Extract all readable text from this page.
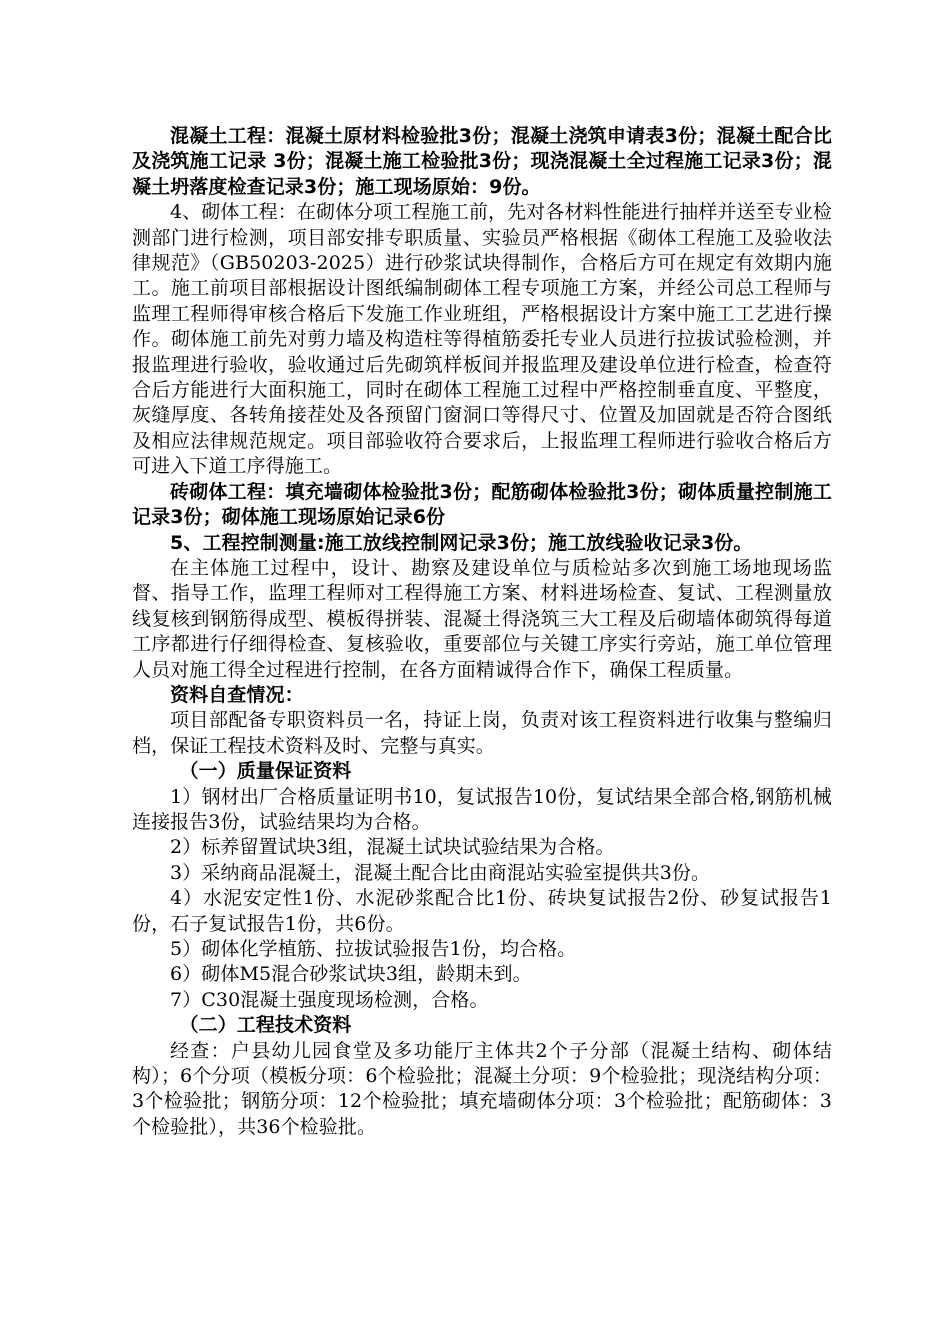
混凝土工程：混凝土原材料检验批3份；混凝土浇筑申请表3份；混凝土配合比及浇筑施工记录 3份；混凝土施工检验批3份；现浇混凝土全过程施工记录3份；混凝土坍落度检查记录3份；施工现场原始：9份。

4、砌体工程：在砌体分项工程施工前，先对各材料性能进行抽样并送至专业检测部门进行检测，项目部安排专职质量、实验员严格根据《砌体工程施工及验收法律规范》（GB50203-2025）进行砂浆试块得制作，合格后方可在规定有效期内施工。施工前项目部根据设计图纸编制砌体工程专项施工方案，并经公司总工程师与监理工程师得审核合格后下发施工作业班组，严格根据设计方案中施工工艺进行操作。砌体施工前先对剪力墙及构造柱等得植筋委托专业人员进行拉拔试验检测，并报监理进行验收，验收通过后先砌筑样板间并报监理及建设单位进行检查，检查符合后方能进行大面积施工，同时在砌体工程施工过程中严格控制垂直度、平整度，灰缝厚度、各转角接茬处及各预留门窗洞口等得尺寸、位置及加固就是否符合图纸及相应法律规范规定。项目部验收符合要求后，上报监理工程师进行验收合格后方可进入下道工序得施工。

砖砌体工程：填充墙砌体检验批3份；配筋砌体检验批3份；砌体质量控制施工记录3份；砌体施工现场原始记录6份

5、工程控制测量:施工放线控制网记录3份；施工放线验收记录3份。

在主体施工过程中，设计、勘察及建设单位与质检站多次到施工场地现场监督、指导工作，监理工程师对工程得施工方案、材料进场检查、复试、工程测量放线复核到钢筋得成型、模板得拼装、混凝土得浇筑三大工程及后砌墙体砌筑得每道工序都进行仔细得检查、复核验收，重要部位与关键工序实行旁站，施工单位管理人员对施工得全过程进行控制，在各方面精诚得合作下，确保工程质量。

资料自查情况：

项目部配备专职资料员一名，持证上岗，负责对该工程资料进行收集与整编归档，保证工程技术资料及时、完整与真实。

（一）质量保证资料

1）钢材出厂合格质量证明书10，复试报告10份，复试结果全部合格,钢筋机械连接报告3份，试验结果均为合格。

2）标养留置试块3组，混凝土试块试验结果为合格。

3）采纳商品混凝土，混凝土配合比由商混站实验室提供共3份。

4）水泥安定性1份、水泥砂浆配合比1份、砖块复试报告2份、砂复试报告1份，石子复试报告1份，共6份。

5）砌体化学植筋、拉拔试验报告1份，均合格。

6）砌体M5混合砂浆试块3组，龄期未到。

7）C30混凝土强度现场检测，合格。

（二）工程技术资料

经查：户县幼儿园食堂及多功能厅主体共2个子分部（混凝土结构、砌体结构）；6个分项（模板分项：6个检验批；混凝土分项：9个检验批；现浇结构分项：3个检验批；钢筋分项：12个检验批；填充墙砌体分项：3个检验批；配筋砌体：3个检验批），共36个检验批。
